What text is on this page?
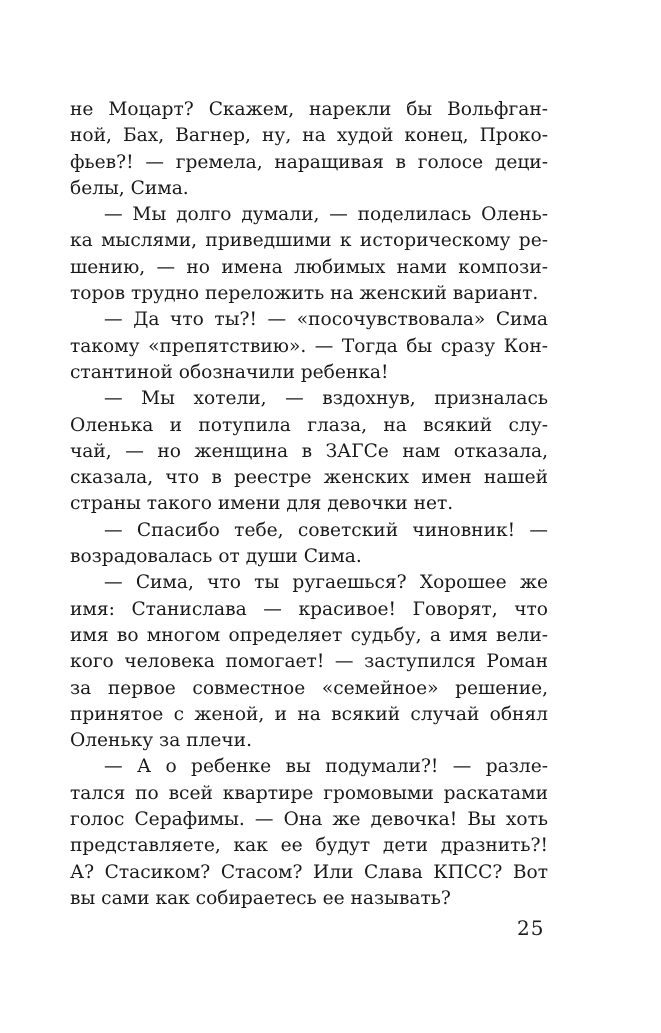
не Моцарт? Скажем, нарекли бы Вольфган-
ной, Бах, Вагнер, ну, на худой конец, Проко-
фьев?! — гремела, наращивая в голосе деци-
белы, Сима.
— Мы долго думали, — поделилась Олень-
ка мыслями, приведшими к историческому ре-
шению, — но имена любимых нами компози-
торов трудно переложить на женский вариант.
— Да что ты?! — «посочувствовала» Сима
такому «препятствию». — Тогда бы сразу Кон-
стантиной обозначили ребенка!
— Мы хотели, — вздохнув, призналась
Оленька и потупила глаза, на всякий слу-
чай, — но женщина в ЗАГСе нам отказала,
сказала, что в реестре женских имен нашей
страны такого имени для девочки нет.
— Спасибо тебе, советский чиновник! —
возрадовалась от души Сима.
— Сима, что ты ругаешься? Хорошее же
имя: Станислава — красивое! Говорят, что
имя во многом определяет судьбу, а имя вели-
кого человека помогает! — заступился Роман
за первое совместное «семейное» решение,
принятое с женой, и на всякий случай обнял
Оленьку за плечи.
— А о ребенке вы подумали?! — разле-
тался по всей квартире громовыми раскатами
голос Серафимы. — Она же девочка! Вы хоть
представляете, как ее будут дети дразнить?!
А? Стасиком? Стасом? Или Слава КПСС? Вот
вы сами как собираетесь ее называть?
25
